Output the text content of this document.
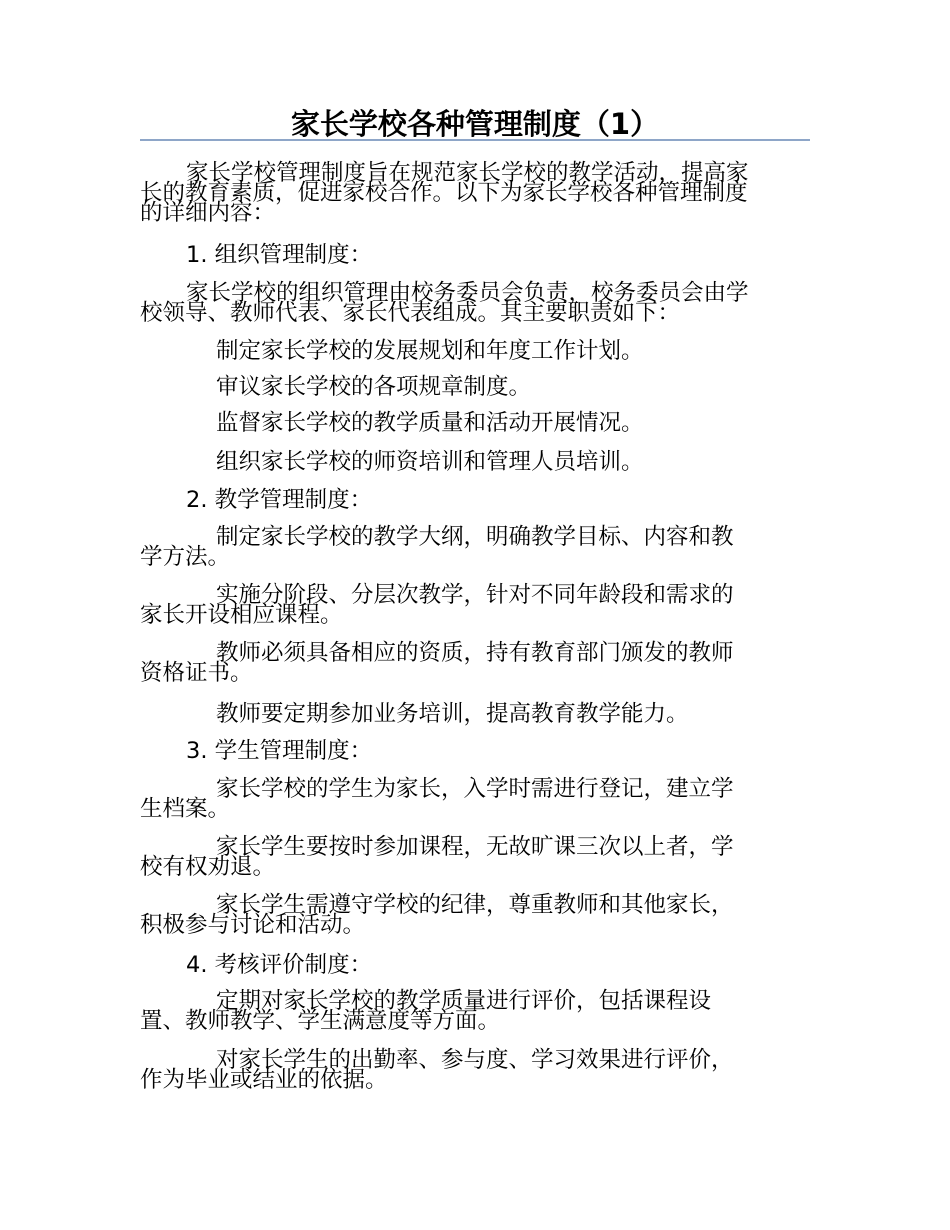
家长学校各种管理制度（1）

家长学校管理制度旨在规范家长学校的教学活动，提高家
长的教育素质，促进家校合作。以下为家长学校各种管理制度
的详细内容：

1. 组织管理制度：

家长学校的组织管理由校务委员会负责，校务委员会由学
校领导、教师代表、家长代表组成。其主要职责如下：

制定家长学校的发展规划和年度工作计划。

审议家长学校的各项规章制度。

监督家长学校的教学质量和活动开展情况。

组织家长学校的师资培训和管理人员培训。

2. 教学管理制度：

制定家长学校的教学大纲，明确教学目标、内容和教
学方法。

实施分阶段、分层次教学，针对不同年龄段和需求的
家长开设相应课程。

教师必须具备相应的资质，持有教育部门颁发的教师
资格证书。

教师要定期参加业务培训，提高教育教学能力。

3. 学生管理制度：

家长学校的学生为家长，入学时需进行登记，建立学
生档案。

家长学生要按时参加课程，无故旷课三次以上者，学
校有权劝退。

家长学生需遵守学校的纪律，尊重教师和其他家长，
积极参与讨论和活动。

4. 考核评价制度：

定期对家长学校的教学质量进行评价，包括课程设
置、教师教学、学生满意度等方面。

对家长学生的出勤率、参与度、学习效果进行评价，
作为毕业或结业的依据。
